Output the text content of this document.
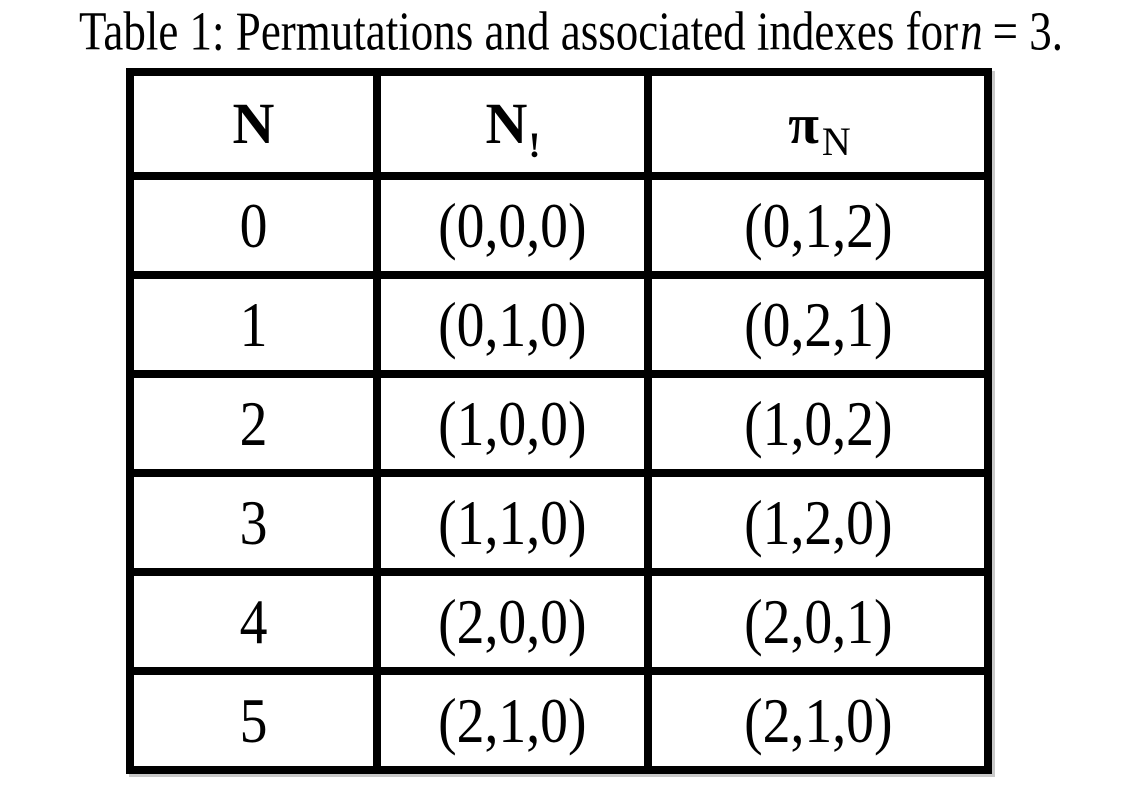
Table 1: Permutations and associated indexes forn = 3.
N	$N_!$	$\pi_N$
0	(0,0,0)	(0,1,2)
1	(0,1,0)	(0,2,1)
2	(1,0,0)	(1,0,2)
3	(1,1,0)	(1,2,0)
4	(2,0,0)	(2,0,1)
5	(2,1,0)	(2,1,0)
